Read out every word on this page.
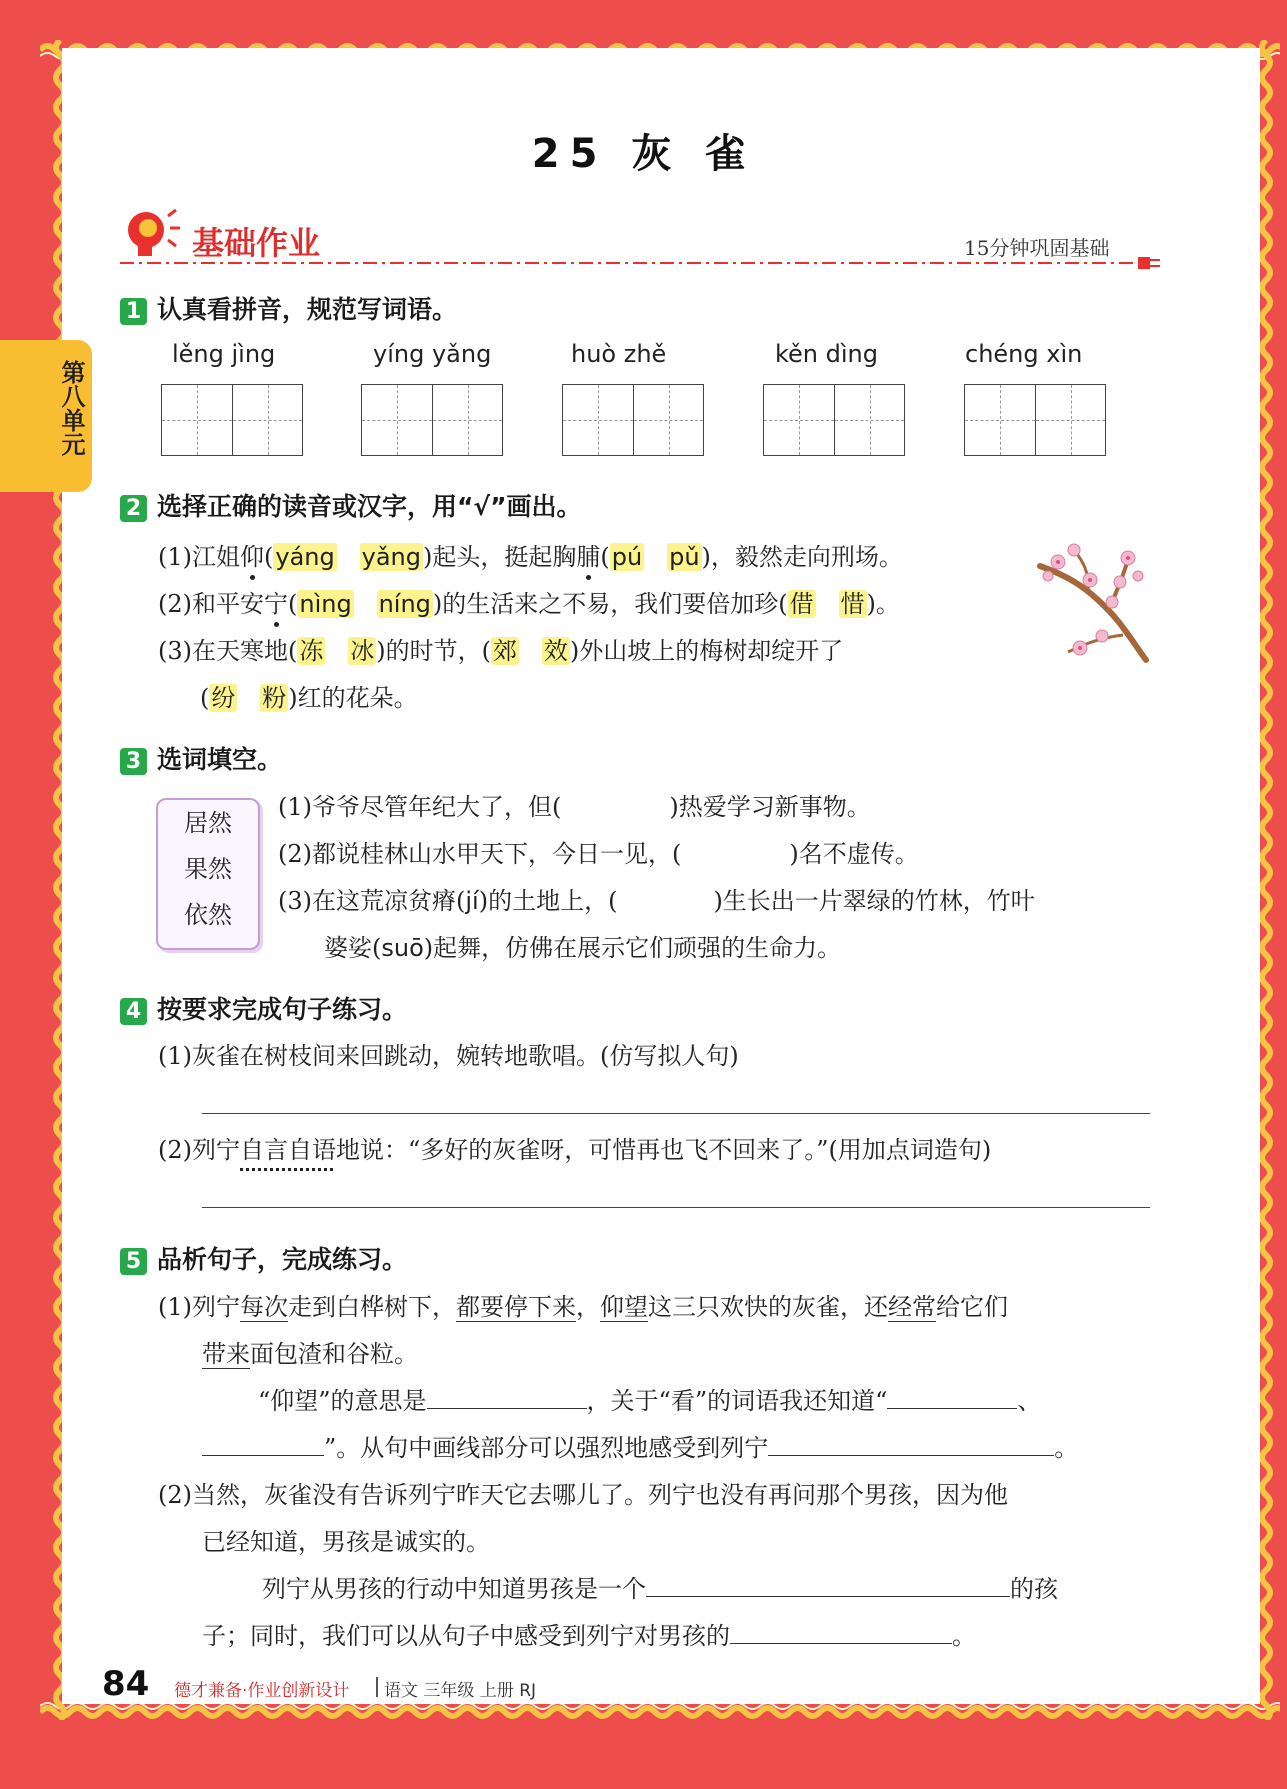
第八单元
25 灰 雀
基础作业	15分钟巩固基础
1 认真看拼音，规范写词语。
lěng jìng	yíng yǎng	huò zhě	kěn dìng	chéng xìn
2 选择正确的读音或汉字，用“√”画出。
(1)江姐仰(yáng yǎng)起头，挺起胸脯(pú pǔ)，毅然走向刑场。
(2)和平安宁(nìng níng)的生活来之不易，我们要倍加珍(借 惜)。
(3)在天寒地(冻 冰)的时节，(郊 效)外山坡上的梅树却绽开了
(纷 粉)红的花朵。
3 选词填空。
居然
果然
依然
(1)爷爷尽管年纪大了，但(	)热爱学习新事物。
(2)都说桂林山水甲天下，今日一见，(	)名不虚传。
(3)在这荒凉贫瘠(jí)的土地上，(	)生长出一片翠绿的竹林，竹叶
婆娑(suō)起舞，仿佛在展示它们顽强的生命力。
4 按要求完成句子练习。
(1)灰雀在树枝间来回跳动，婉转地歌唱。(仿写拟人句)
(2)列宁自言自语地说：“多好的灰雀呀，可惜再也飞不回来了。”(用加点词造句)
5 品析句子，完成练习。
(1)列宁每次走到白桦树下，都要停下来，仰望这三只欢快的灰雀，还经常给它们
带来面包渣和谷粒。
“仰望”的意思是	，关于“看”的词语我还知道“	、
”。从句中画线部分可以强烈地感受到列宁	。
(2)当然，灰雀没有告诉列宁昨天它去哪儿了。列宁也没有再问那个男孩，因为他
已经知道，男孩是诚实的。
列宁从男孩的行动中知道男孩是一个	的孩
子；同时，我们可以从句子中感受到列宁对男孩的	。
84 德才兼备·作业创新设计 语文 三年级 上册 RJ
